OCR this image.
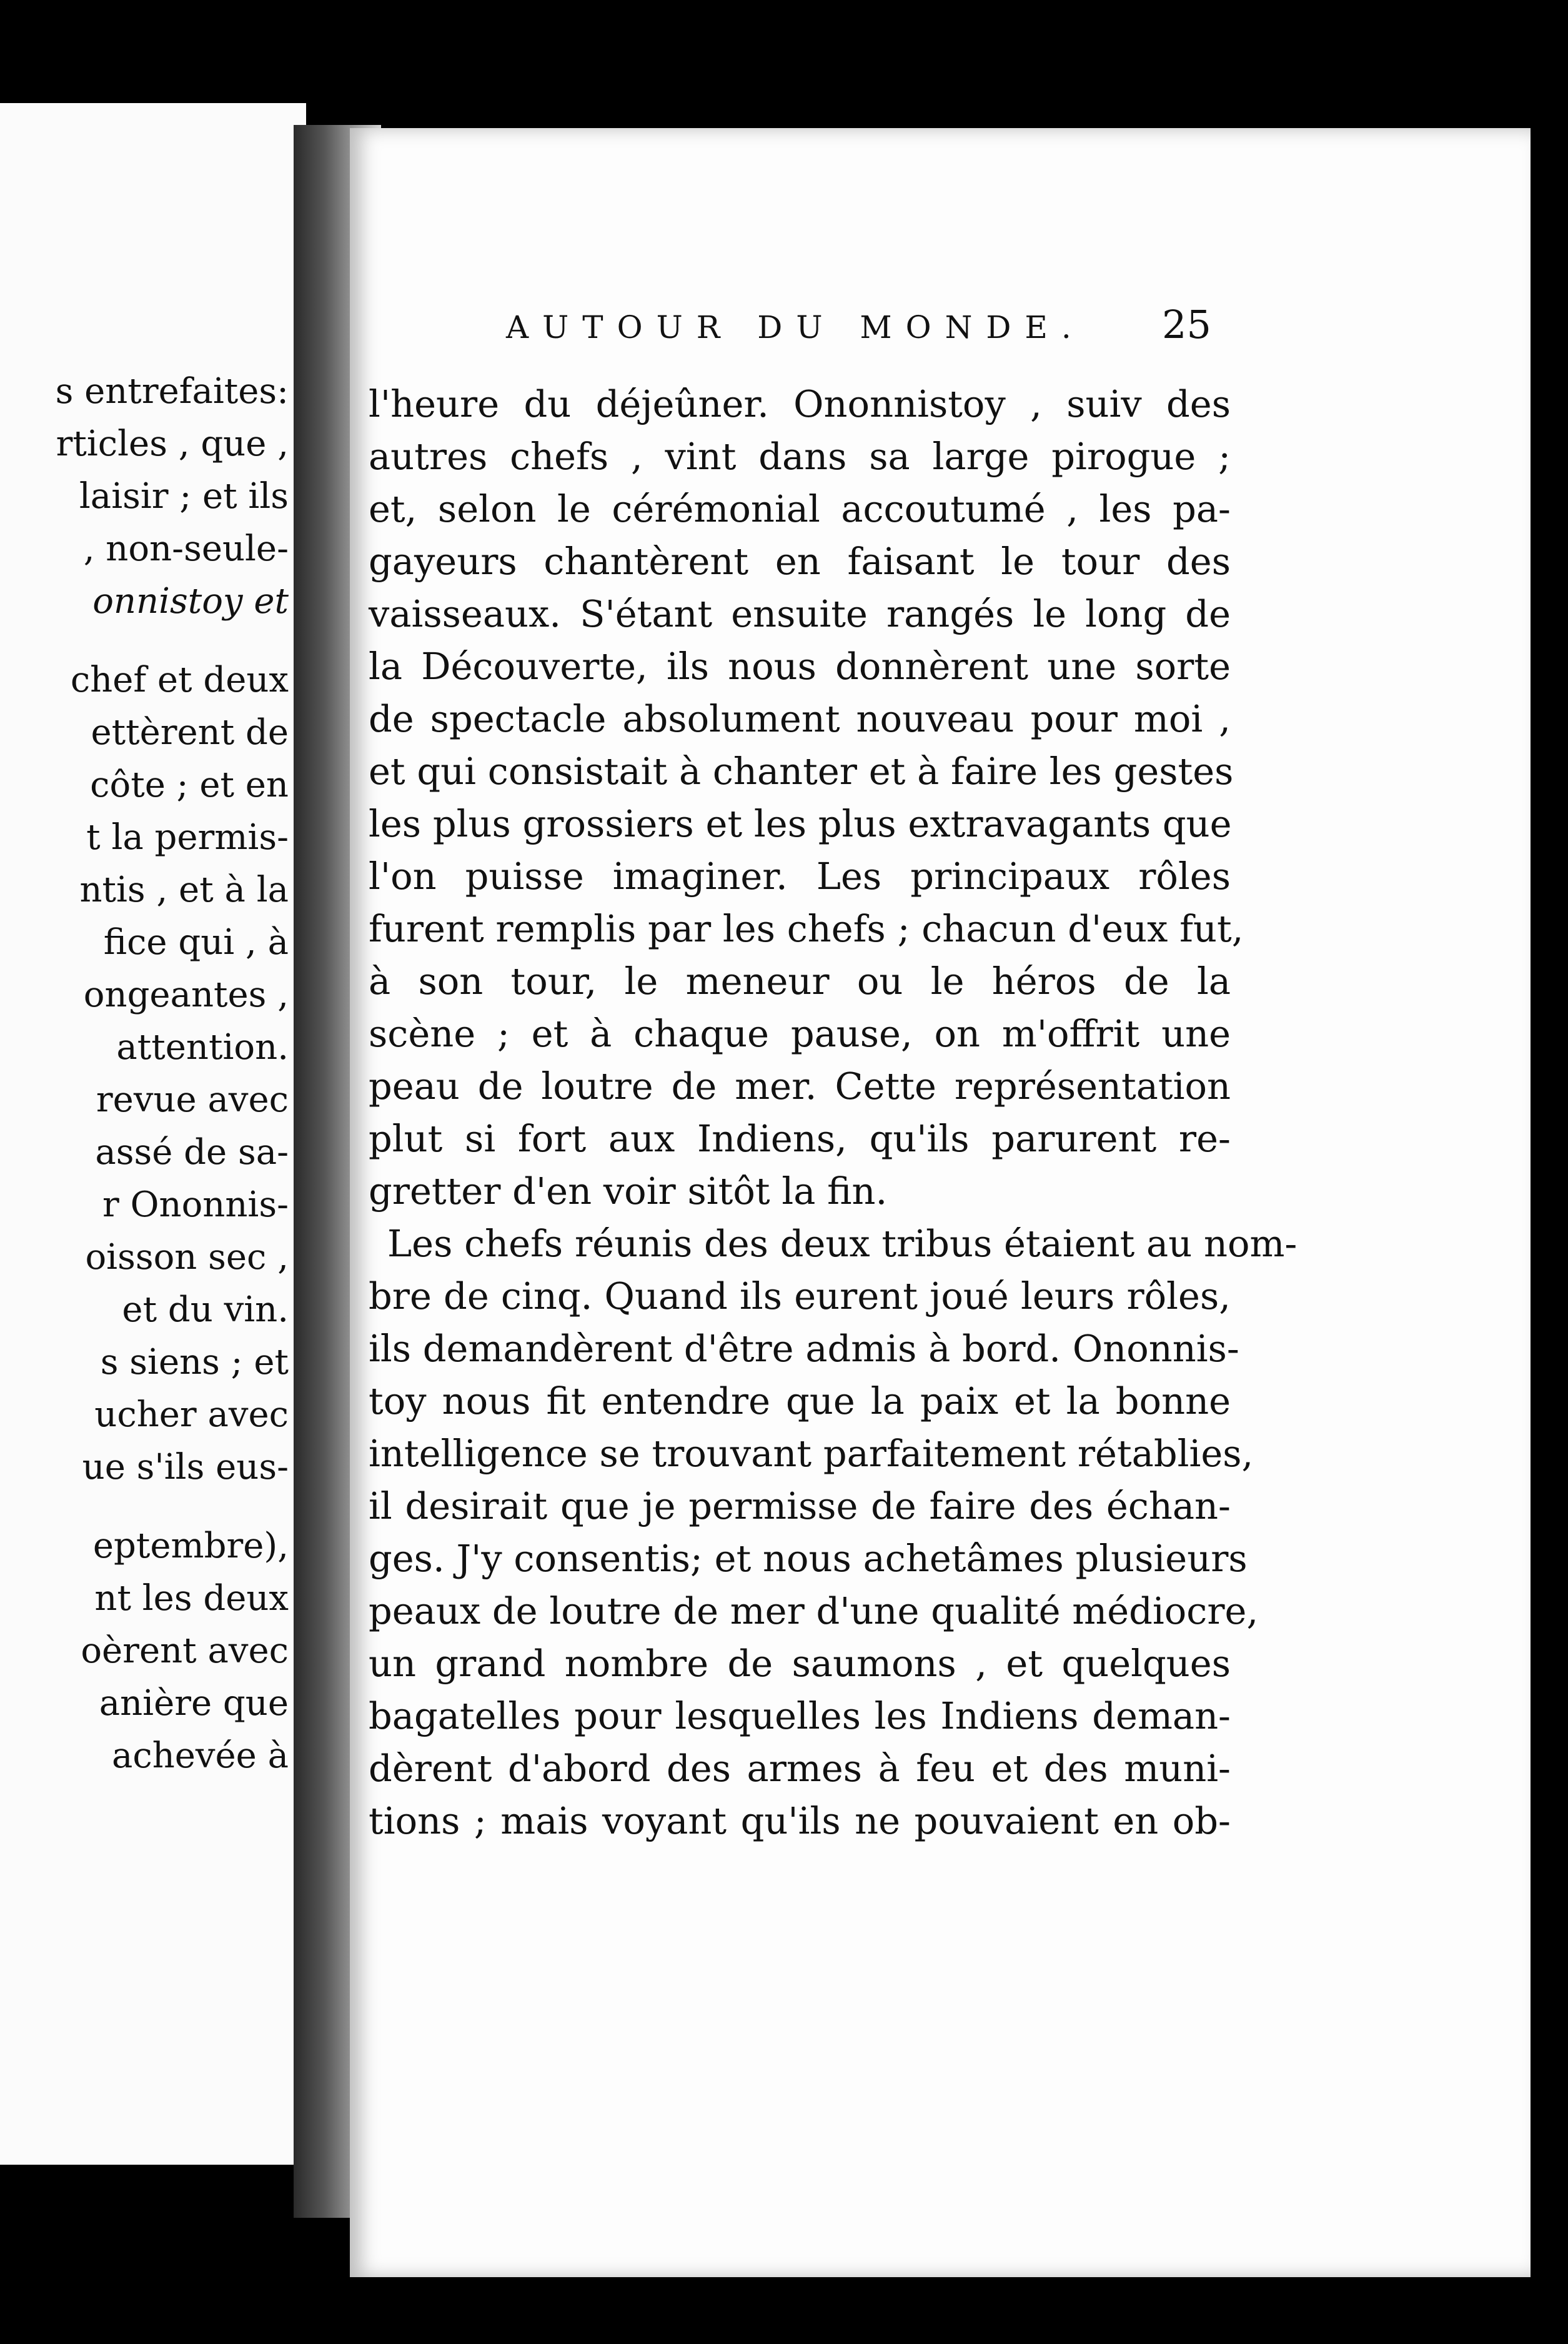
s entrefaites:
rticles , que ,
laisir ; et ils
, non-seule-
onnistoy et
chef et deux
ettèrent de
côte ; et en
t la permis-
ntis , et à la
fice qui , à
ongeantes ,
attention.
revue avec
assé de sa-
r Ononnis-
oisson sec ,
et du vin.
s siens ; et
ucher avec
ue s'ils eus-
eptembre),
nt les deux
oèrent avec
anière que
achevée à
AUTOUR DU MONDE.	25
l'heure du déjeûner. Ononnistoy , suiv des
autres chefs , vint dans sa large pirogue ;
et, selon le cérémonial accoutumé , les pa-
gayeurs chantèrent en faisant le tour des
vaisseaux. S'étant ensuite rangés le long de
la Découverte, ils nous donnèrent une sorte
de spectacle absolument nouveau pour moi ,
et qui consistait à chanter et à faire les gestes
les plus grossiers et les plus extravagants que
l'on puisse imaginer. Les principaux rôles
furent remplis par les chefs ; chacun d'eux fut,
à son tour, le meneur ou le héros de la
scène ; et à chaque pause, on m'offrit une
peau de loutre de mer. Cette représentation
plut si fort aux Indiens, qu'ils parurent re-
gretter d'en voir sitôt la fin.
Les chefs réunis des deux tribus étaient au nom-
bre de cinq. Quand ils eurent joué leurs rôles,
ils demandèrent d'être admis à bord. Ononnis-
toy nous fit entendre que la paix et la bonne
intelligence se trouvant parfaitement rétablies,
il desirait que je permisse de faire des échan-
ges. J'y consentis; et nous achetâmes plusieurs
peaux de loutre de mer d'une qualité médiocre,
un grand nombre de saumons , et quelques
bagatelles pour lesquelles les Indiens deman-
dèrent d'abord des armes à feu et des muni-
tions ; mais voyant qu'ils ne pouvaient en ob-
